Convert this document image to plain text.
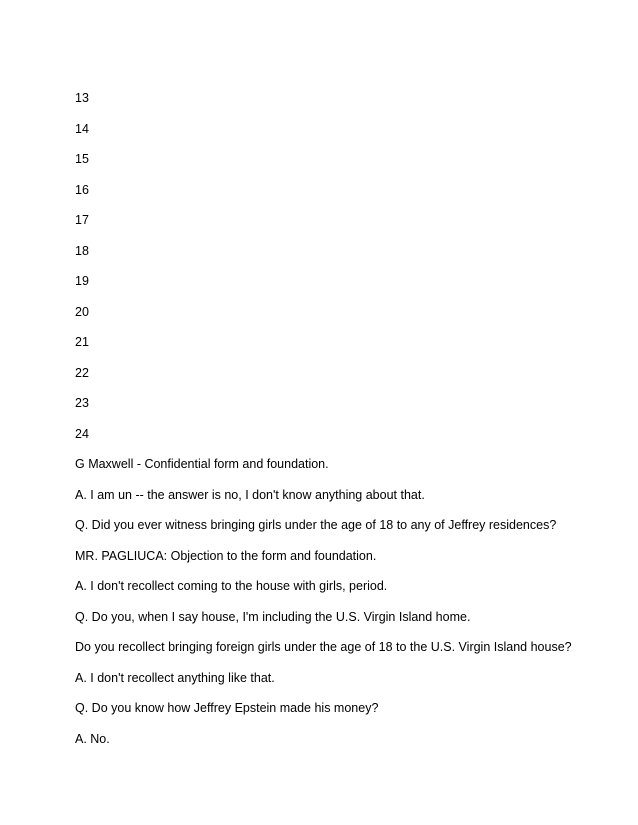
13
14
15
16
17
18
19
20
21
22
23
24
G Maxwell - Confidential form and foundation.
A. I am un -- the answer is no, I don't know anything about that.
Q. Did you ever witness bringing girls under the age of 18 to any of Jeffrey residences?
MR. PAGLIUCA: Objection to the form and foundation.
A. I don't recollect coming to the house with girls, period.
Q. Do you, when I say house, I'm including the U.S. Virgin Island home.
Do you recollect bringing foreign girls under the age of 18 to the U.S. Virgin Island house?
A. I don't recollect anything like that.
Q. Do you know how Jeffrey Epstein made his money?
A. No.
